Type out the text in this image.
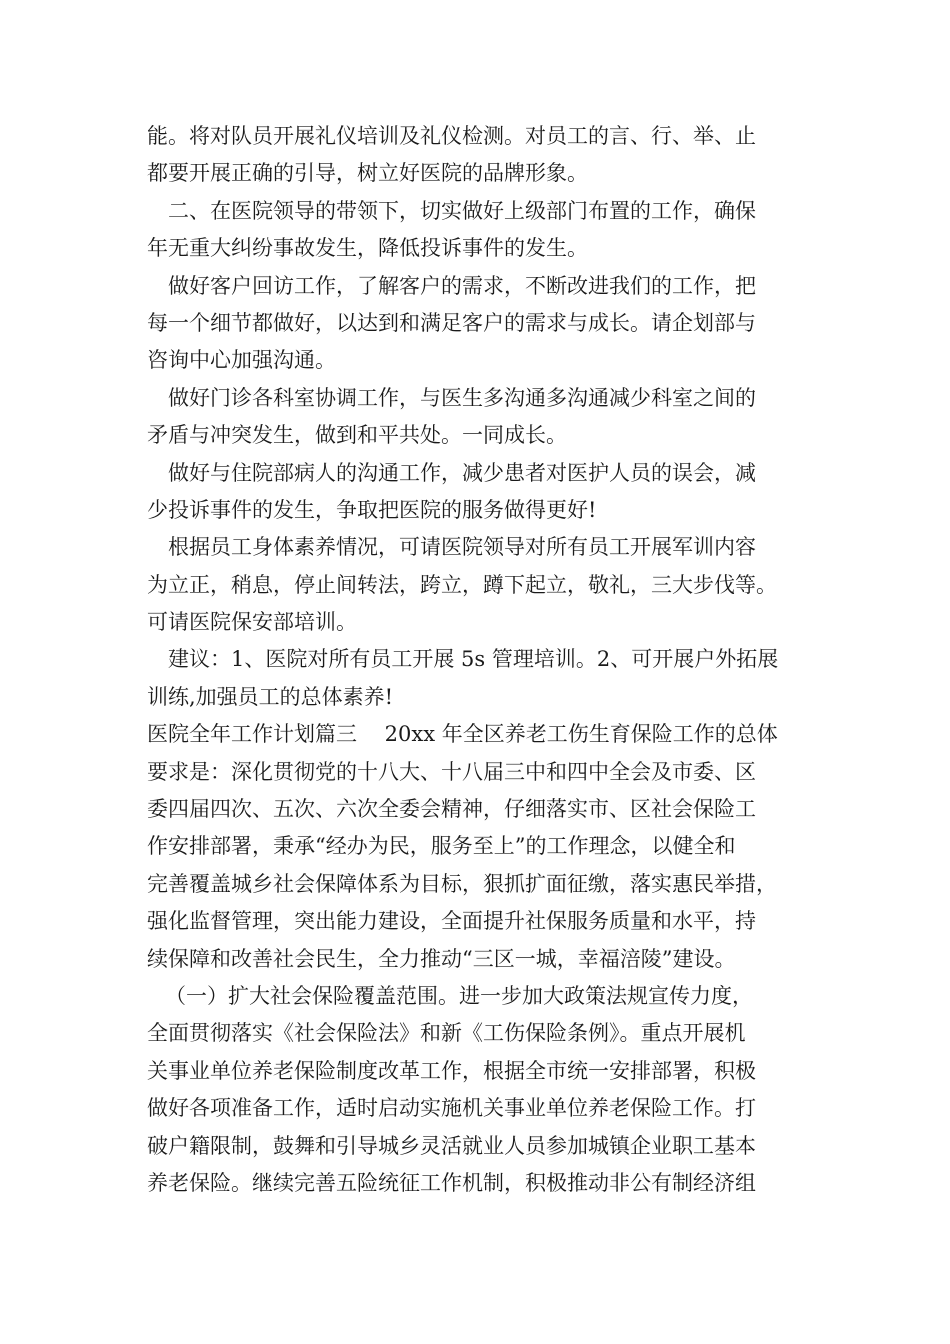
能。将对队员开展礼仪培训及礼仪检测。对员工的言、行、举、止
都要开展正确的引导，树立好医院的品牌形象。
二、在医院领导的带领下，切实做好上级部门布置的工作，确保
年无重大纠纷事故发生，降低投诉事件的发生。
做好客户回访工作，了解客户的需求，不断改进我们的工作，把
每一个细节都做好，以达到和满足客户的需求与成长。请企划部与
咨询中心加强沟通。
做好门诊各科室协调工作，与医生多沟通多沟通减少科室之间的
矛盾与冲突发生，做到和平共处。一同成长。
做好与住院部病人的沟通工作，减少患者对医护人员的误会，减
少投诉事件的发生，争取把医院的服务做得更好!
根据员工身体素养情况，可请医院领导对所有员工开展军训内容
为立正，稍息，停止间转法，跨立，蹲下起立，敬礼，三大步伐等。
可请医院保安部培训。
建议：1、医院对所有员工开展 5s 管理培训。2、可开展户外拓展
训练,加强员工的总体素养!
医院全年工作计划篇三　 20xx 年全区养老工伤生育保险工作的总体
要求是：深化贯彻党的十八大、十八届三中和四中全会及市委、区
委四届四次、五次、六次全委会精神，仔细落实市、区社会保险工
作安排部署，秉承“经办为民，服务至上”的工作理念，以健全和
完善覆盖城乡社会保障体系为目标，狠抓扩面征缴，落实惠民举措，
强化监督管理，突出能力建设，全面提升社保服务质量和水平，持
续保障和改善社会民生，全力推动“三区一城，幸福涪陵”建设。
（一）扩大社会保险覆盖范围。进一步加大政策法规宣传力度，
全面贯彻落实《社会保险法》和新《工伤保险条例》。重点开展机
关事业单位养老保险制度改革工作，根据全市统一安排部署，积极
做好各项准备工作，适时启动实施机关事业单位养老保险工作。打
破户籍限制，鼓舞和引导城乡灵活就业人员参加城镇企业职工基本
养老保险。继续完善五险统征工作机制，积极推动非公有制经济组
